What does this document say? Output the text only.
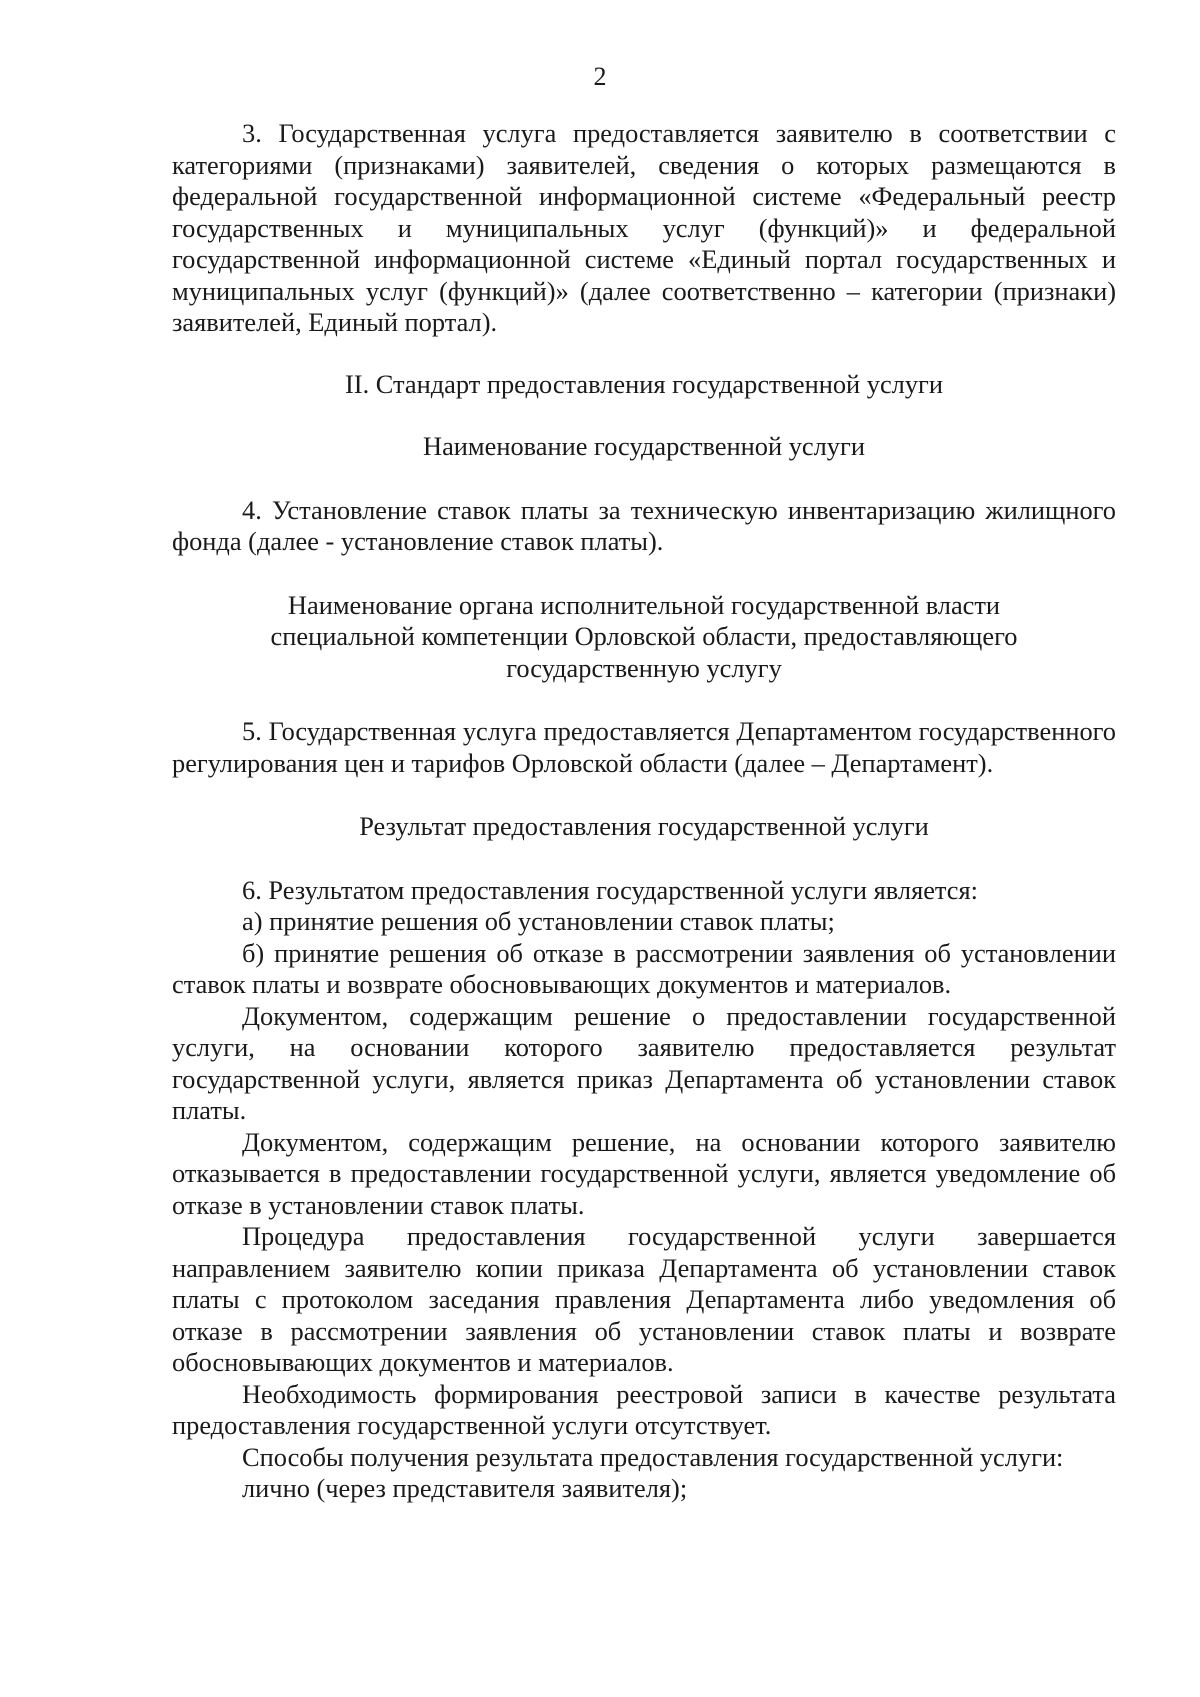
2

3. Государственная услуга предоставляется заявителю в соответствии с категориями (признаками) заявителей, сведения о которых размещаются в федеральной государственной информационной системе «Федеральный реестр государственных и муниципальных услуг (функций)» и федеральной государственной информационной системе «Единый портал государственных и муниципальных услуг (функций)» (далее соответственно – категории (признаки) заявителей, Единый портал).

II. Стандарт предоставления государственной услуги

Наименование государственной услуги

4. Установление ставок платы за техническую инвентаризацию жилищного фонда (далее - установление ставок платы).

Наименование органа исполнительной государственной власти

специальной компетенции Орловской области, предоставляющего

государственную услугу

5. Государственная услуга предоставляется Департаментом государственного регулирования цен и тарифов Орловской области (далее – Департамент).

Результат предоставления государственной услуги

6. Результатом предоставления государственной услуги является:

а) принятие решения об установлении ставок платы;

б) принятие решения об отказе в рассмотрении заявления об установлении ставок платы и возврате обосновывающих документов и материалов.

Документом, содержащим решение о предоставлении государственной услуги, на основании которого заявителю предоставляется результат государственной услуги, является приказ Департамента об установлении ставок платы.

Документом, содержащим решение, на основании которого заявителю отказывается в предоставлении государственной услуги, является уведомление об отказе в установлении ставок платы.

Процедура предоставления государственной услуги завершается направлением заявителю копии приказа Департамента об установлении ставок платы с протоколом заседания правления Департамента либо уведомления об отказе в рассмотрении заявления об установлении ставок платы и возврате обосновывающих документов и материалов.

Необходимость формирования реестровой записи в качестве результата предоставления государственной услуги отсутствует.

Способы получения результата предоставления государственной услуги:

лично (через представителя заявителя);
